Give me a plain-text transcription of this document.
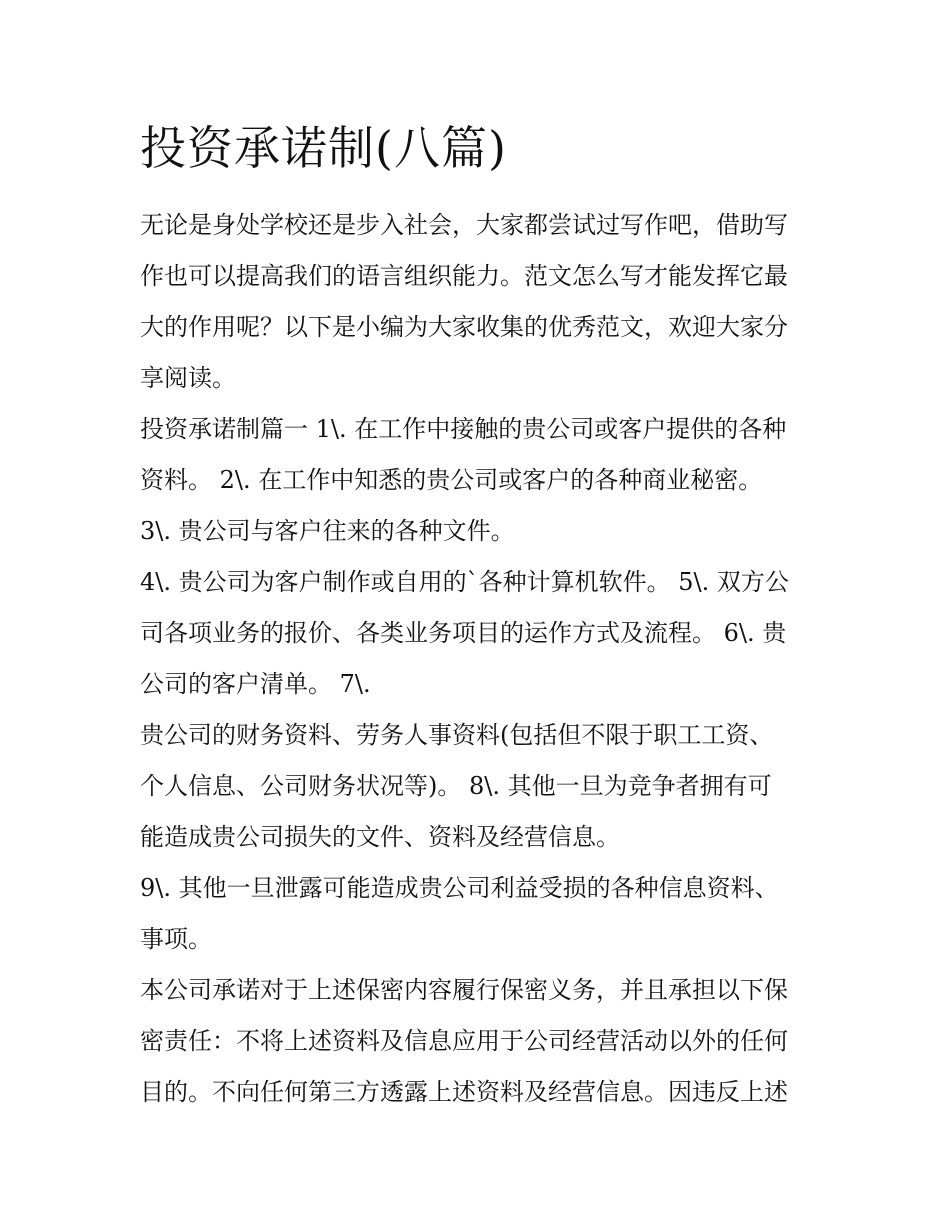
投资承诺制(八篇)
无论是身处学校还是步入社会，大家都尝试过写作吧，借助写
作也可以提高我们的语言组织能力。范文怎么写才能发挥它最
大的作用呢？以下是小编为大家收集的优秀范文，欢迎大家分
享阅读。
投资承诺制篇一 1\. 在工作中接触的贵公司或客户提供的各种
资料。 2\. 在工作中知悉的贵公司或客户的各种商业秘密。
3\. 贵公司与客户往来的各种文件。
4\. 贵公司为客户制作或自用的`各种计算机软件。 5\. 双方公
司各项业务的报价、各类业务项目的运作方式及流程。 6\. 贵
公司的客户清单。 7\.
贵公司的财务资料、劳务人事资料(包括但不限于职工工资、
个人信息、公司财务状况等)。 8\. 其他一旦为竞争者拥有可
能造成贵公司损失的文件、资料及经营信息。
9\. 其他一旦泄露可能造成贵公司利益受损的各种信息资料、
事项。
本公司承诺对于上述保密内容履行保密义务，并且承担以下保
密责任：不将上述资料及信息应用于公司经营活动以外的任何
目的。不向任何第三方透露上述资料及经营信息。因违反上述
